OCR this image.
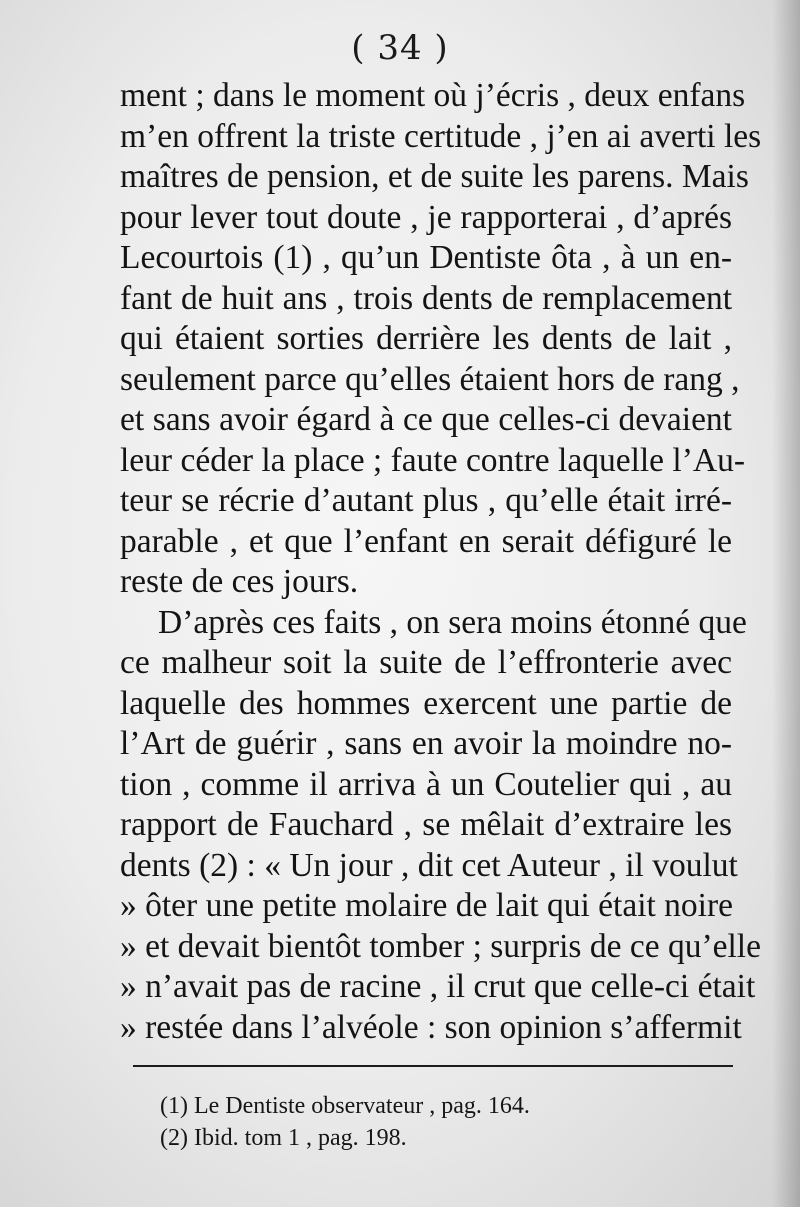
( 34 )
ment ; dans le moment où j’écris , deux enfans
m’en offrent la triste certitude , j’en ai averti les
maîtres de pension, et de suite les parens. Mais
pour lever tout doute , je rapporterai , d’aprés
Lecourtois (1) , qu’un Dentiste ôta , à un en-
fant de huit ans , trois dents de remplacement
qui étaient sorties derrière les dents de lait ,
seulement parce qu’elles étaient hors de rang ,
et sans avoir égard à ce que celles-ci devaient
leur céder la place ; faute contre laquelle l’Au-
teur se récrie d’autant plus , qu’elle était irré-
parable , et que l’enfant en serait défiguré le
reste de ces jours.
D’après ces faits , on sera moins étonné que
ce malheur soit la suite de l’effronterie avec
laquelle des hommes exercent une partie de
l’Art de guérir , sans en avoir la moindre no-
tion , comme il arriva à un Coutelier qui , au
rapport de Fauchard , se mêlait d’extraire les
dents (2) : « Un jour , dit cet Auteur , il voulut
» ôter une petite molaire de lait qui était noire
» et devait bientôt tomber ; surpris de ce qu’elle
» n’avait pas de racine , il crut que celle-ci était
» restée dans l’alvéole : son opinion s’affermit
(1) Le Dentiste observateur , pag. 164.
(2) Ibid. tom 1 , pag. 198.
